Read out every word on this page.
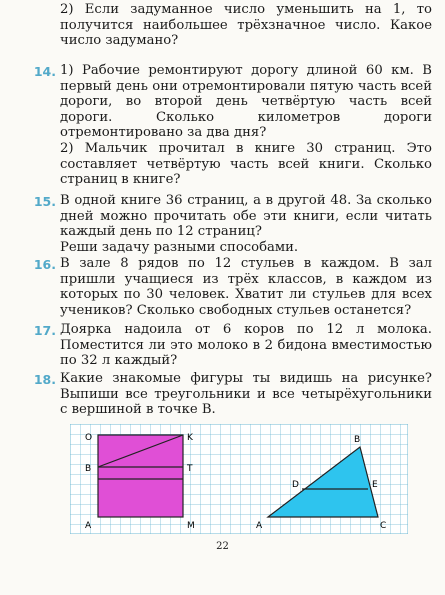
2) Если задуманное число уменьшить на 1, то получится наибольшее трёхзначное число. Какое число задумано?

14. 1) Рабочие ремонтируют дорогу длиной 60 км. В первый день они отремонтировали пятую часть всей дороги, во второй день четвёртую часть всей дороги. Сколько километров дороги отремонтировано за два дня?

2) Мальчик прочитал в книге 30 страниц. Это составляет четвёртую часть всей книги. Сколько страниц в книге?

15. В одной книге 36 страниц, а в другой 48. За сколько дней можно прочитать обе эти книги, если читать каждый день по 12 страниц?

Реши задачу разными способами.

16. В зале 8 рядов по 12 стульев в каждом. В зал пришли учащиеся из трёх классов, в каждом из которых по 30 человек. Хватит ли стульев для всех учеников? Сколько свободных стульев останется?

17. Доярка надоила от 6 коров по 12 л молока. Поместится ли это молоко в 2 бидона вместимостью по 32 л каждый?

18. Какие знакомые фигуры ты видишь на рисунке? Выпиши все треугольники и все четырёхугольники с вершиной в точке B.

O	K
B	T
A	M
B
D	E
A	C
22
